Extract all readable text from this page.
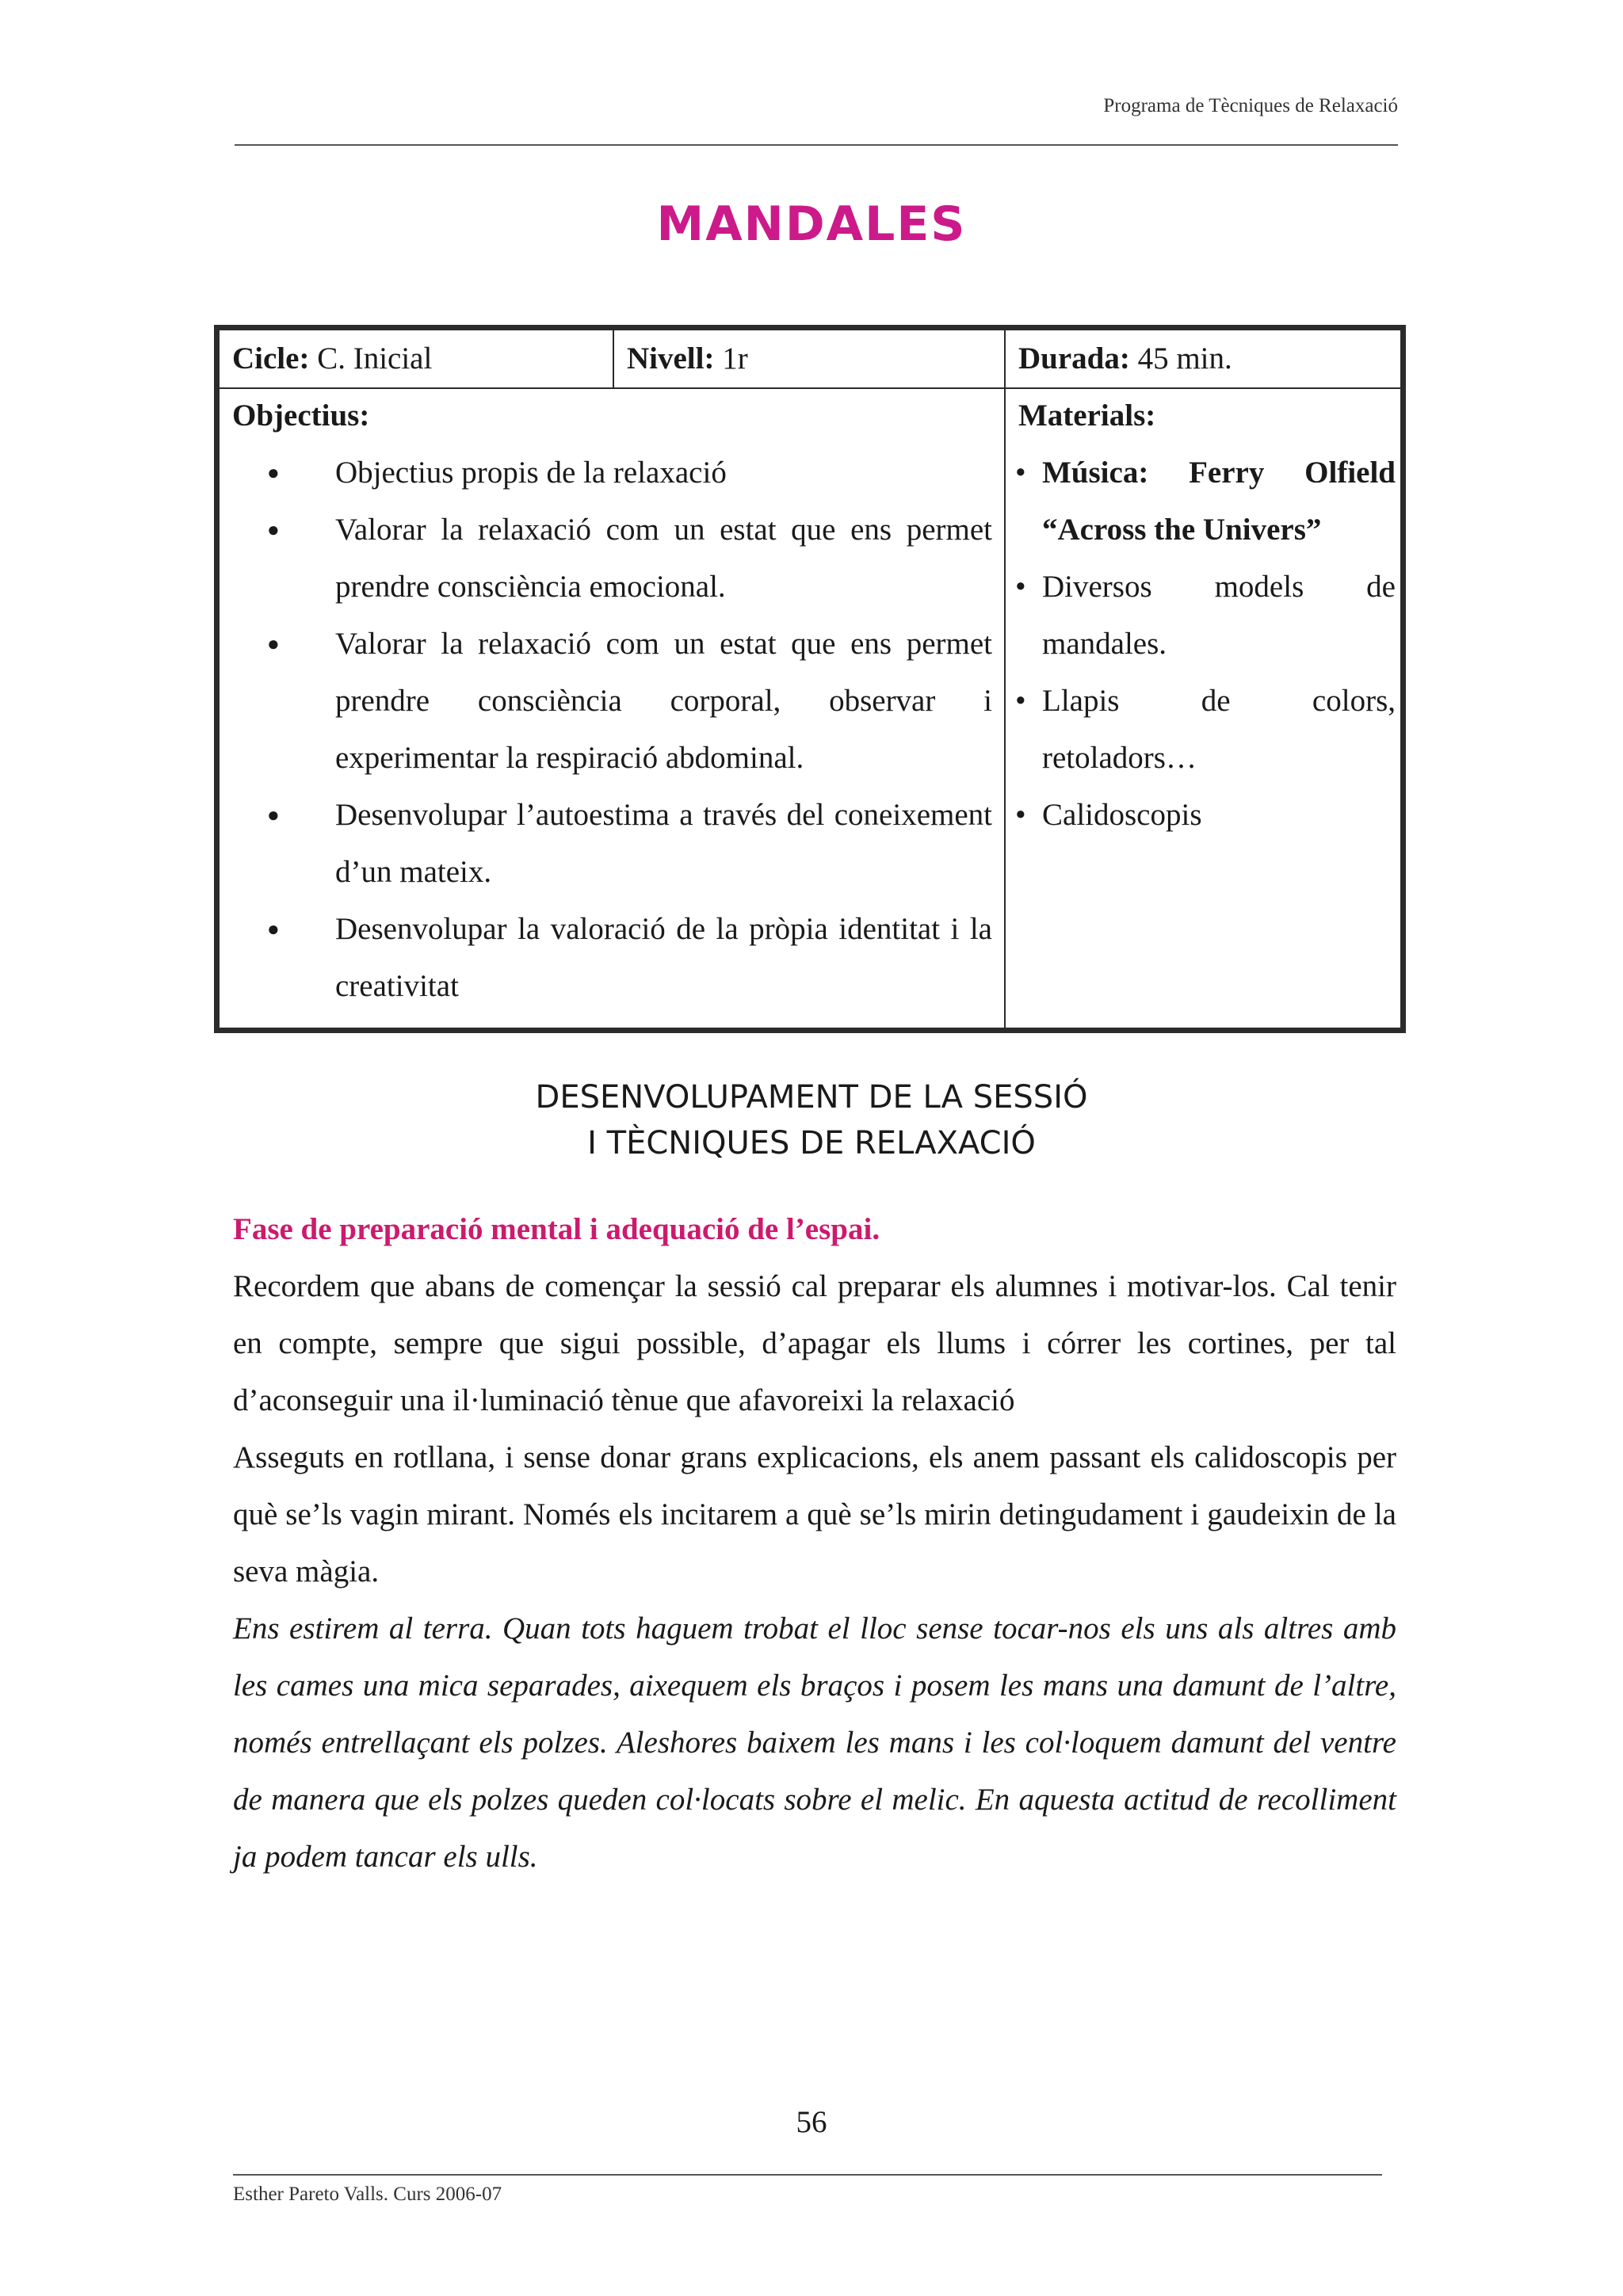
Programa de Tècniques de Relaxació
MANDALES
Cicle: C. Inicial	Nivell: 1r	Durada: 45 min.
Objectius:
● Objectius propis de la relaxació
● Valorar la relaxació com un estat que ens permet prendre consciència emocional.
● Valorar la relaxació com un estat que ens permet prendre consciència corporal, observar i experimentar la respiració abdominal.
● Desenvolupar l’autoestima a través del coneixement d’un mateix.
● Desenvolupar la valoració de la pròpia identitat i la creativitat
Materials:
• Música: Ferry Olfield “Across the Univers”
• Diversos models de mandales.
• Llapis de colors, retoladors…
• Calidoscopis
DESENVOLUPAMENT DE LA SESSIÓ
I TÈCNIQUES DE RELAXACIÓ

Fase de preparació mental i adequació de l’espai.

Recordem que abans de començar la sessió cal preparar els alumnes i motivar-los. Cal tenir en compte, sempre que sigui possible, d’apagar els llums i córrer les cortines, per tal d’aconseguir una il·luminació tènue que afavoreixi la relaxació

Asseguts en rotllana, i sense donar grans explicacions, els anem passant els calidoscopis per què se’ls vagin mirant. Només els incitarem a què se’ls mirin detingudament i gaudeixin de la seva màgia.

Ens estirem al terra. Quan tots haguem trobat el lloc sense tocar-nos els uns als altres amb les cames una mica separades, aixequem els braços i posem les mans una damunt de l’altre, només entrellaçant els polzes. Aleshores baixem les mans i les col·loquem damunt del ventre de manera que els polzes queden col·locats sobre el melic. En aquesta actitud de recolliment ja podem tancar els ulls.

56
Esther Pareto Valls. Curs 2006-07
